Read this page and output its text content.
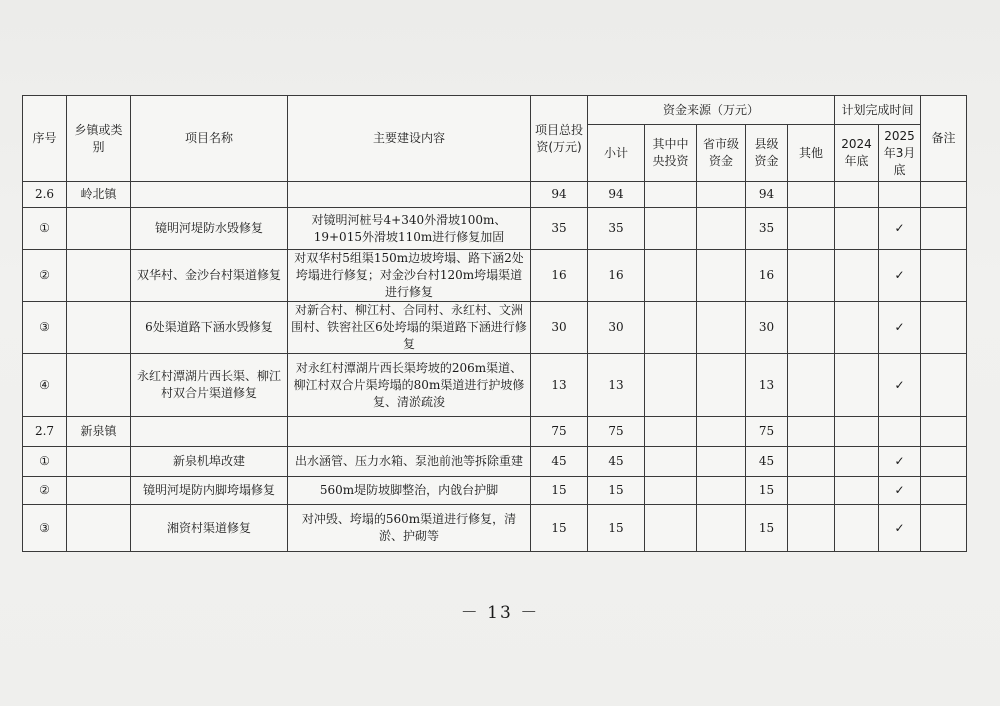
序号	乡镇或类别	项目名称	主要建设内容	项目总投资(万元)	资金来源（万元）					计划完成时间		备注
					小计	其中中央投资	省市级资金	县级资金	其他	2024年底	2025年3月底	
2.6	岭北镇			94	94			94				
①		镜明河堤防水毁修复	对镜明河桩号4+340外滑坡100m、19+015外滑坡110m进行修复加固	35	35			35			✓	
②		双华村、金沙台村渠道修复	对双华村5组渠150m边坡垮塌、路下涵2处垮塌进行修复；对金沙台村120m垮塌渠道进行修复	16	16			16			✓	
③		6处渠道路下涵水毁修复	对新合村、柳江村、合同村、永红村、文洲围村、铁窖社区6处垮塌的渠道路下涵进行修复	30	30			30			✓	
④		永红村潭湖片西长渠、柳江村双合片渠道修复	对永红村潭湖片西长渠垮坡的206m渠道、柳江村双合片渠垮塌的80m渠道进行护坡修复、清淤疏浚	13	13			13			✓	
2.7	新泉镇			75	75			75				
①		新泉机埠改建	出水涵管、压力水箱、泵池前池等拆除重建	45	45			45			✓	
②		镜明河堤防内脚垮塌修复	560m堤防坡脚整治，内戗台护脚	15	15			15			✓	
③		湘资村渠道修复	对冲毁、垮塌的560m渠道进行修复，清淤、护砌等	15	15			15			✓	
－ 13 －
